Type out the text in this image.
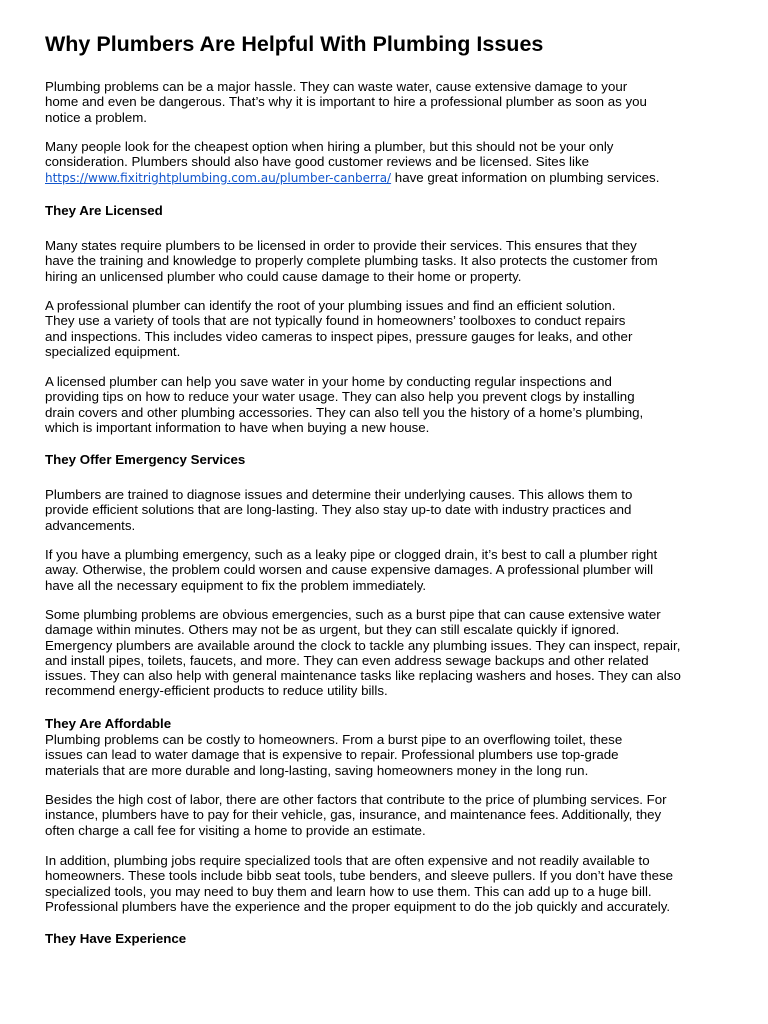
Why Plumbers Are Helpful With Plumbing Issues

Plumbing problems can be a major hassle. They can waste water, cause extensive damage to your
home and even be dangerous. That’s why it is important to hire a professional plumber as soon as you
notice a problem.

Many people look for the cheapest option when hiring a plumber, but this should not be your only
consideration. Plumbers should also have good customer reviews and be licensed. Sites like
https://www.fixitrightplumbing.com.au/plumber-canberra/ have great information on plumbing services.

They Are Licensed

Many states require plumbers to be licensed in order to provide their services. This ensures that they
have the training and knowledge to properly complete plumbing tasks. It also protects the customer from
hiring an unlicensed plumber who could cause damage to their home or property.

A professional plumber can identify the root of your plumbing issues and find an efficient solution.
They use a variety of tools that are not typically found in homeowners’ toolboxes to conduct repairs
and inspections. This includes video cameras to inspect pipes, pressure gauges for leaks, and other
specialized equipment.

A licensed plumber can help you save water in your home by conducting regular inspections and
providing tips on how to reduce your water usage. They can also help you prevent clogs by installing
drain covers and other plumbing accessories. They can also tell you the history of a home’s plumbing,
which is important information to have when buying a new house.

They Offer Emergency Services

Plumbers are trained to diagnose issues and determine their underlying causes. This allows them to
provide efficient solutions that are long-lasting. They also stay up-to date with industry practices and
advancements.

If you have a plumbing emergency, such as a leaky pipe or clogged drain, it’s best to call a plumber right
away. Otherwise, the problem could worsen and cause expensive damages. A professional plumber will
have all the necessary equipment to fix the problem immediately.

Some plumbing problems are obvious emergencies, such as a burst pipe that can cause extensive water
damage within minutes. Others may not be as urgent, but they can still escalate quickly if ignored.
Emergency plumbers are available around the clock to tackle any plumbing issues. They can inspect, repair,
and install pipes, toilets, faucets, and more. They can even address sewage backups and other related
issues. They can also help with general maintenance tasks like replacing washers and hoses. They can also
recommend energy-efficient products to reduce utility bills.

They Are Affordable

Plumbing problems can be costly to homeowners. From a burst pipe to an overflowing toilet, these
issues can lead to water damage that is expensive to repair. Professional plumbers use top-grade
materials that are more durable and long-lasting, saving homeowners money in the long run.

Besides the high cost of labor, there are other factors that contribute to the price of plumbing services. For
instance, plumbers have to pay for their vehicle, gas, insurance, and maintenance fees. Additionally, they
often charge a call fee for visiting a home to provide an estimate.

In addition, plumbing jobs require specialized tools that are often expensive and not readily available to
homeowners. These tools include bibb seat tools, tube benders, and sleeve pullers. If you don’t have these
specialized tools, you may need to buy them and learn how to use them. This can add up to a huge bill.
Professional plumbers have the experience and the proper equipment to do the job quickly and accurately.

They Have Experience
